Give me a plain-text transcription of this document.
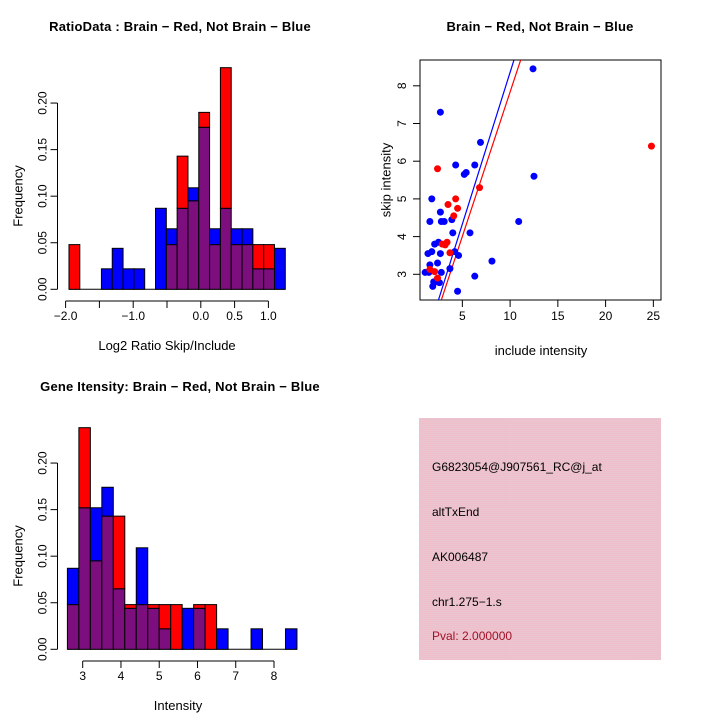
0.00
0.05
0.10
0.15
0.20
−2.0	−1.0	0.0 0.5 1.0
RatioData : Brain − Red, Not Brain − Blue
Log2 Ratio Skip/Include
Frequency
3
4
5
6
7
8
5	10	15	20	25
Brain − Red, Not Brain − Blue
include intensity
skip intensity
0.00
0.05
0.10
0.15
0.20
3	4	5	6	7	8
Gene Itensity: Brain − Red, Not Brain − Blue
Intensity
Frequency
G6823054@J907561_RC@j_at
altTxEnd
AK006487
chr1.275−1.s
Pval: 2.000000
